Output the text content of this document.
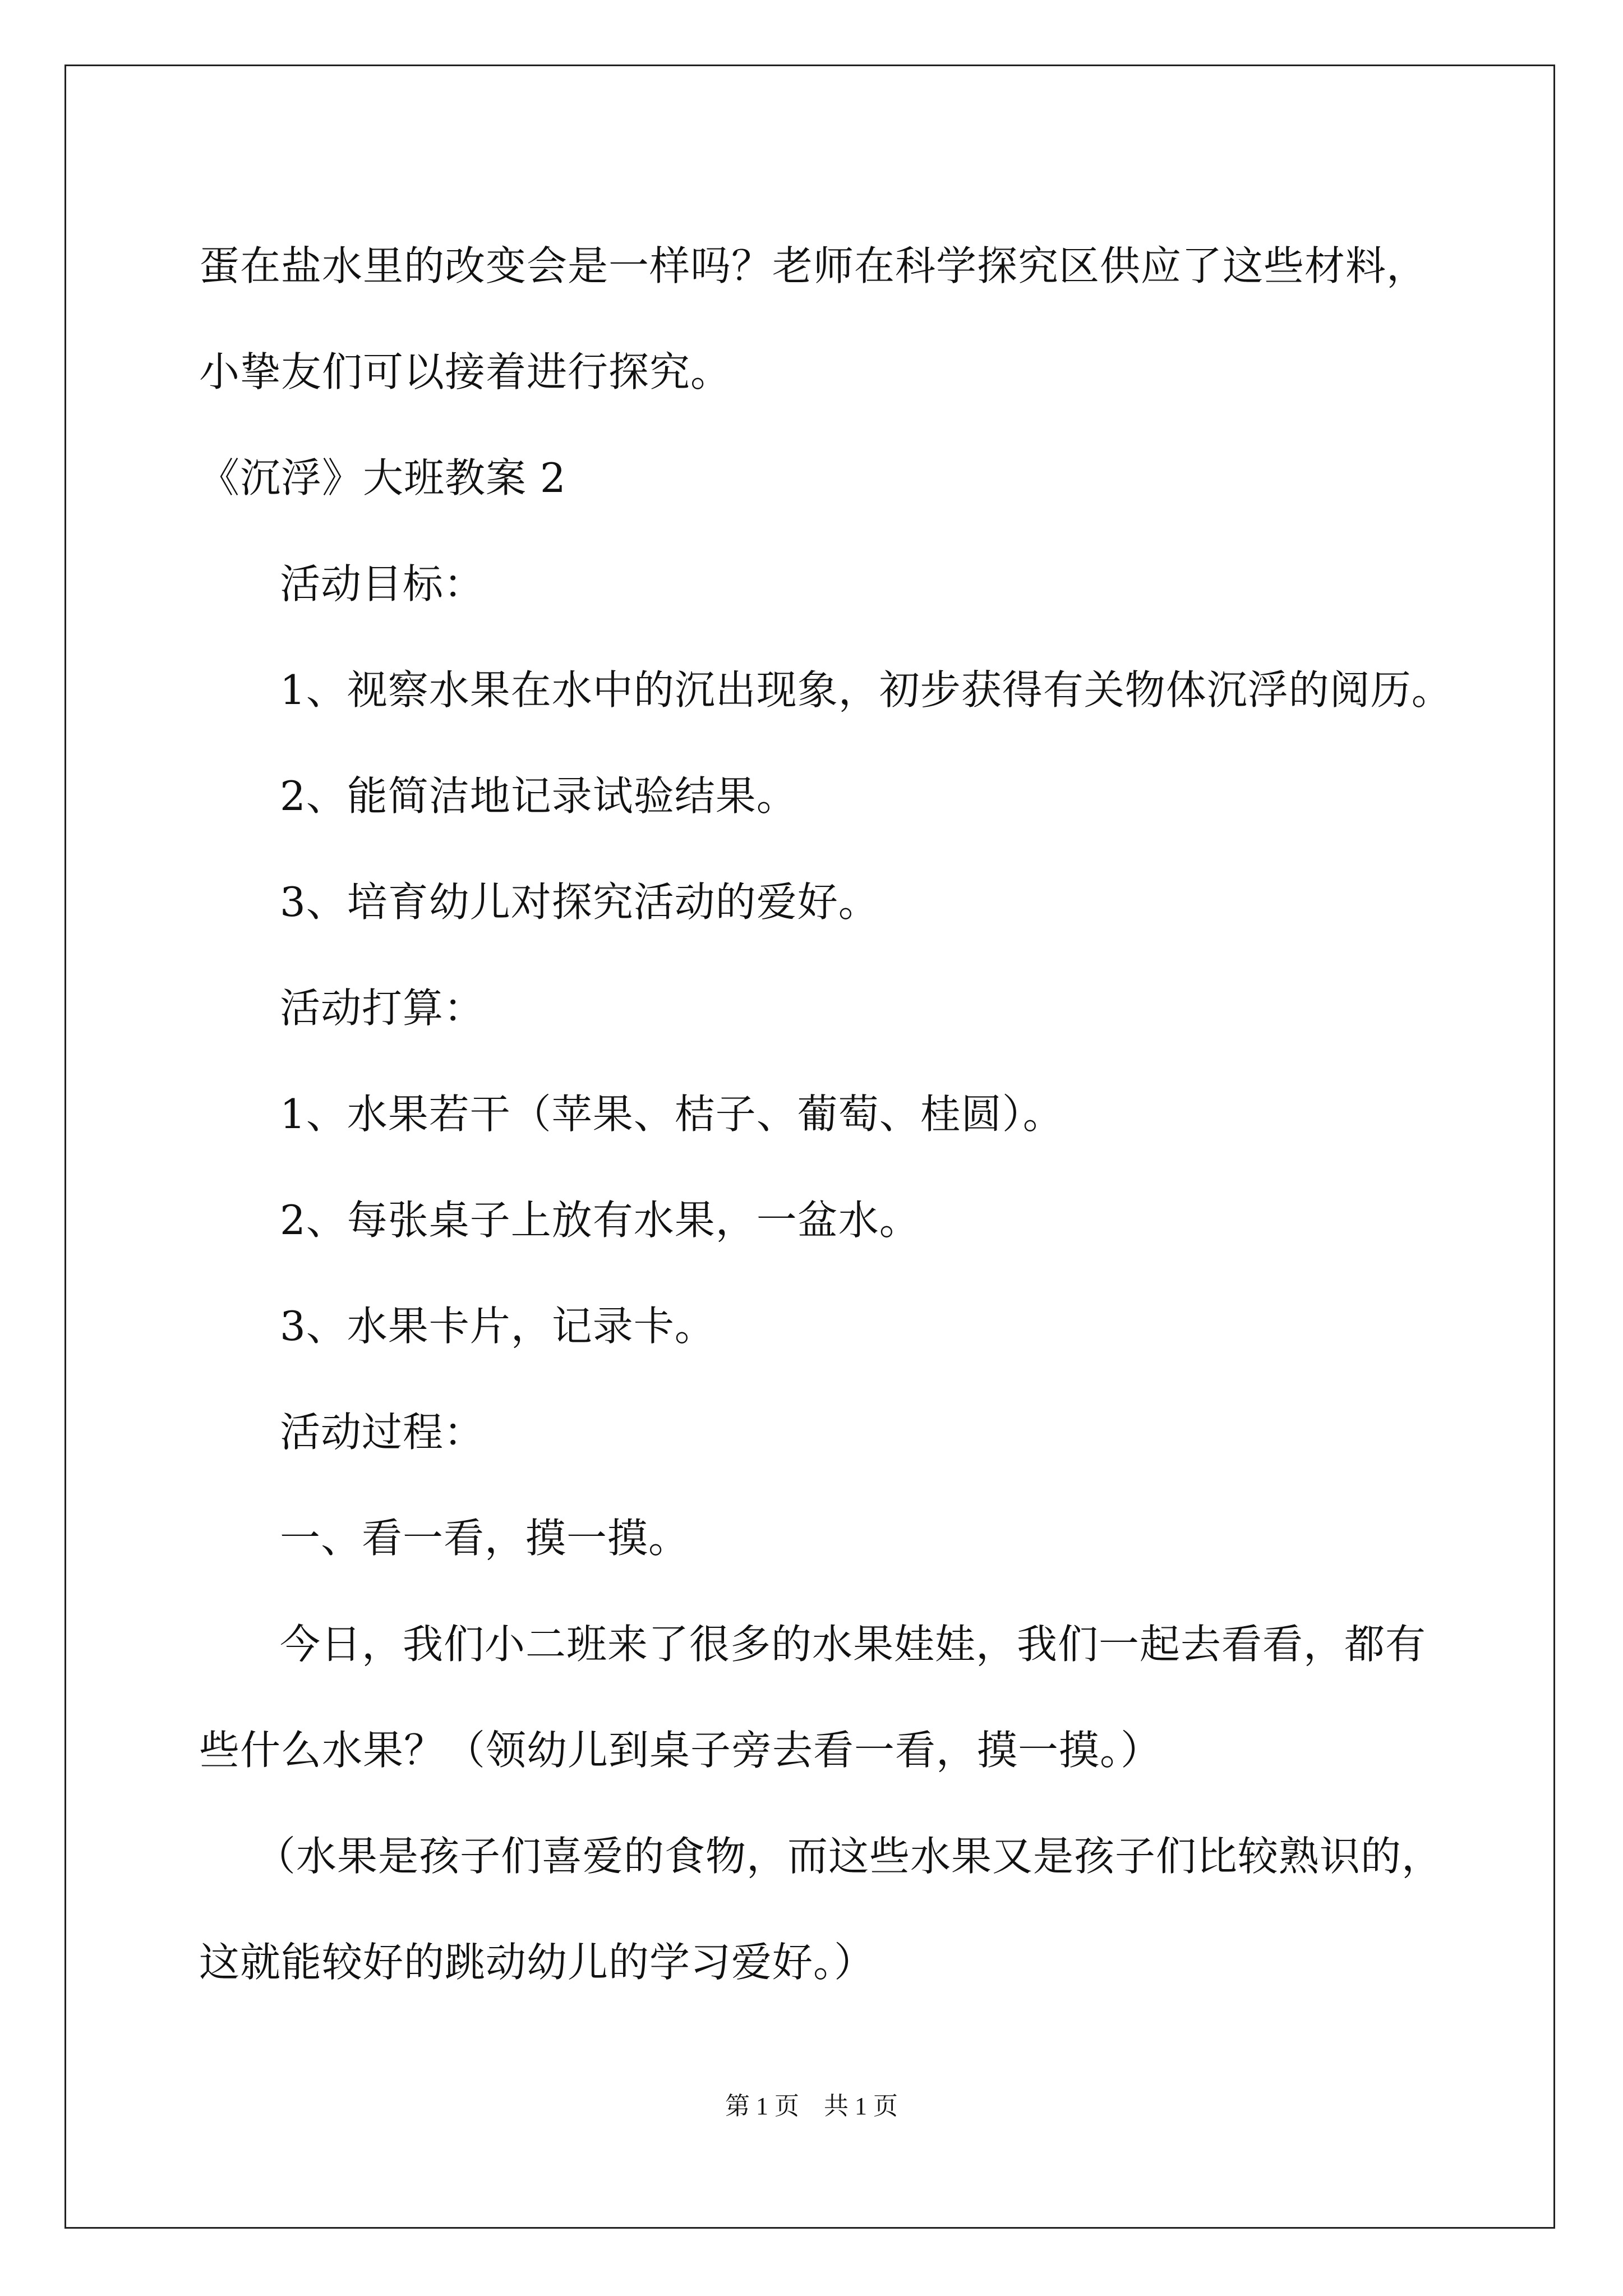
蛋在盐水里的改变会是一样吗？老师在科学探究区供应了这些材料，
小挚友们可以接着进行探究。
《沉浮》大班教案 2
活动目标：
1、视察水果在水中的沉出现象，初步获得有关物体沉浮的阅历。
2、能简洁地记录试验结果。
3、培育幼儿对探究活动的爱好。
活动打算：
1、水果若干（苹果、桔子、葡萄、桂圆）。
2、每张桌子上放有水果，一盆水。
3、水果卡片，记录卡。
活动过程：
一、看一看，摸一摸。
今日，我们小二班来了很多的水果娃娃，我们一起去看看，都有
些什么水果？（领幼儿到桌子旁去看一看，摸一摸。）
（水果是孩子们喜爱的食物，而这些水果又是孩子们比较熟识的，
这就能较好的跳动幼儿的学习爱好。）
第 1 页　共 1 页
